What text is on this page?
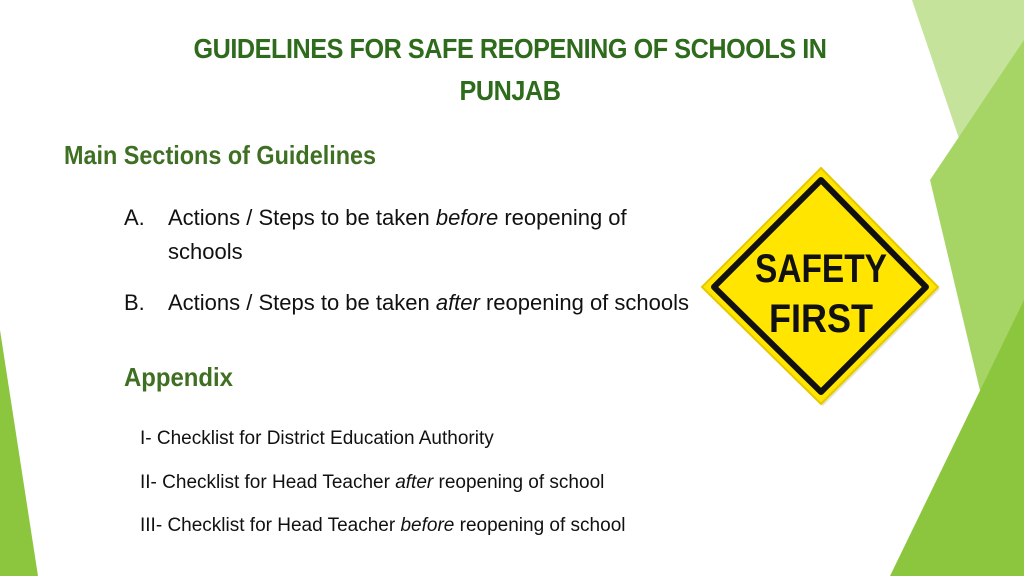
GUIDELINES FOR SAFE REOPENING OF SCHOOLS IN PUNJAB
Main Sections of Guidelines
A.	Actions / Steps to be taken before reopening of schools
B.	Actions / Steps to be taken after reopening of schools
Appendix
I- Checklist for District Education Authority
II- Checklist for Head Teacher after reopening of school
III- Checklist for Head Teacher before reopening of school
SAFETY
FIRST
